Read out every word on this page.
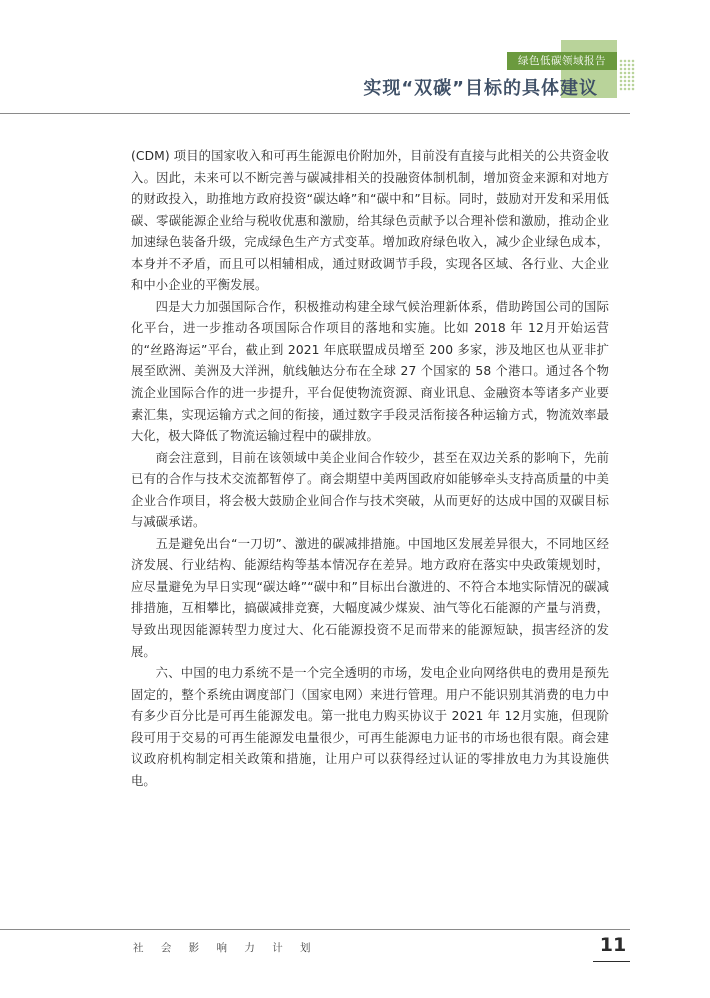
绿色低碳领域报告
实现“双碳”目标的具体建议

(CDM) 项目的国家收入和可再生能源电价附加外，目前没有直接与此相关的公共资金收入。因此，未来可以不断完善与碳减排相关的投融资体制机制，增加资金来源和对地方的财政投入，助推地方政府投资“碳达峰”和“碳中和”目标。同时，鼓励对开发和采用低碳、零碳能源企业给与税收优惠和激励，给其绿色贡献予以合理补偿和激励，推动企业加速绿色装备升级，完成绿色生产方式变革。增加政府绿色收入，减少企业绿色成本，本身并不矛盾，而且可以相辅相成，通过财政调节手段，实现各区域、各行业、大企业和中小企业的平衡发展。

四是大力加强国际合作，积极推动构建全球气候治理新体系，借助跨国公司的国际化平台，进一步推动各项国际合作项目的落地和实施。比如 2018 年 12月开始运营的“丝路海运”平台，截止到 2021 年底联盟成员增至 200 多家，涉及地区也从亚非扩展至欧洲、美洲及大洋洲，航线触达分布在全球 27 个国家的 58 个港口。通过各个物流企业国际合作的进一步提升，平台促使物流资源、商业讯息、金融资本等诸多产业要素汇集，实现运输方式之间的衔接，通过数字手段灵活衔接各种运输方式，物流效率最大化，极大降低了物流运输过程中的碳排放。

商会注意到，目前在该领域中美企业间合作较少，甚至在双边关系的影响下，先前已有的合作与技术交流都暂停了。商会期望中美两国政府如能够牵头支持高质量的中美企业合作项目，将会极大鼓励企业间合作与技术突破，从而更好的达成中国的双碳目标与减碳承诺。

五是避免出台“一刀切”、激进的碳减排措施。中国地区发展差异很大，不同地区经济发展、行业结构、能源结构等基本情况存在差异。地方政府在落实中央政策规划时，应尽量避免为早日实现“碳达峰”“碳中和”目标出台激进的、不符合本地实际情况的碳减排措施，互相攀比，搞碳减排竞赛，大幅度减少煤炭、油气等化石能源的产量与消费，导致出现因能源转型力度过大、化石能源投资不足而带来的能源短缺，损害经济的发展。

六、中国的电力系统不是一个完全透明的市场，发电企业向网络供电的费用是预先固定的，整个系统由调度部门（国家电网）来进行管理。用户不能识别其消费的电力中有多少百分比是可再生能源发电。第一批电力购买协议于 2021 年 12月实施，但现阶段可用于交易的可再生能源发电量很少，可再生能源电力证书的市场也很有限。商会建议政府机构制定相关政策和措施，让用户可以获得经过认证的零排放电力为其设施供电。

社 会 影 响 力 计 划	11
